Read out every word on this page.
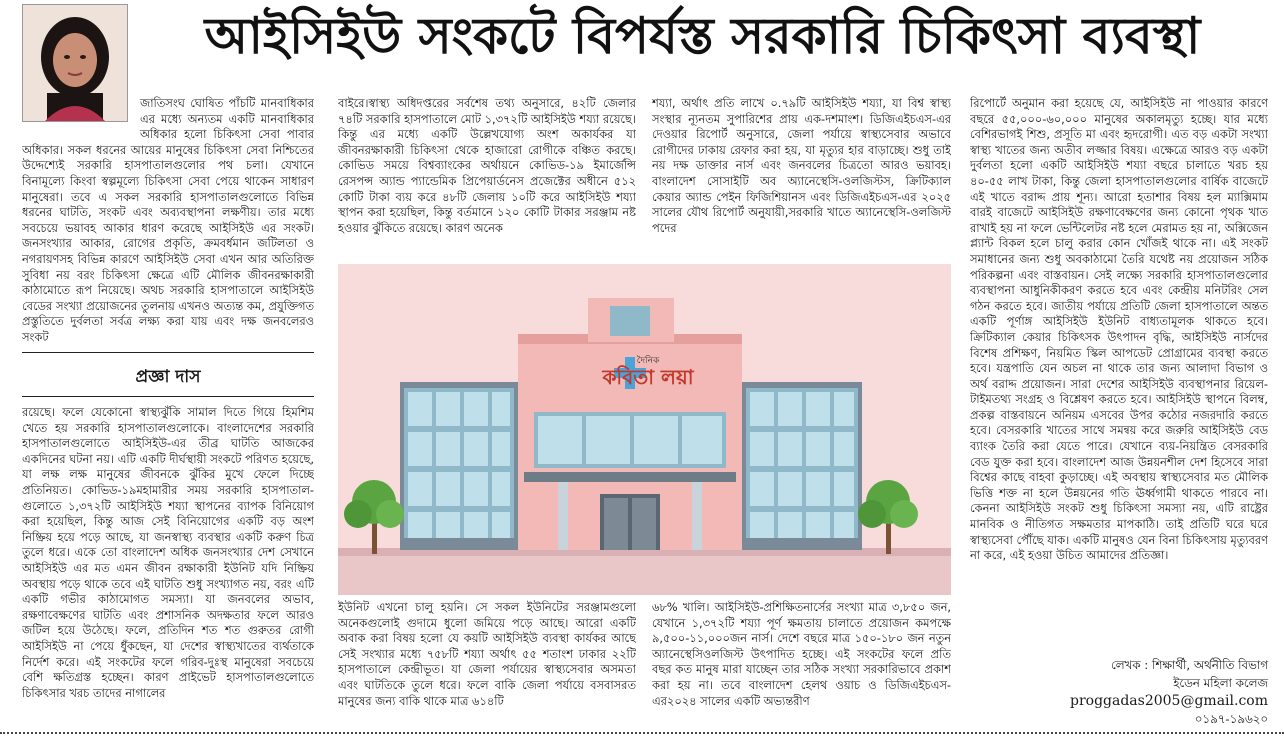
আইসিইউ সংকটে বিপর্যস্ত সরকারি চিকিৎসা ব্যবস্থা

জাতিসংঘ ঘোষিত পাঁচটি মানবাধিকার এর মধ্যে অন্যতম একটি মানবাধিকার অধিকার হলো চিকিৎসা সেবা পাবার অধিকার। সকল ধরনের আয়ের মানুষের চিকিৎসা সেবা নিশ্চিতের উদ্দেশ্যেই সরকারি হাসপাতালগুলোর পথ চলা। যেখানে বিনামূল্যে কিংবা স্বল্পমূল্যে চিকিৎসা সেবা পেয়ে থাকেন সাধারণ মানুষেরা। তবে এ সকল সরকারি হাসপাতালগুলোতে বিভিন্ন ধরনের ঘাটতি, সংকট এবং অব্যবস্থাপনা লক্ষণীয়। তার মধ্যে সবচেয়ে ভয়াবহ আকার ধারণ করেছে আইসিইউ এর সংকট। জনসংখ্যার আকার, রোগের প্রকৃতি, ক্রমবর্ধমান জটিলতা ও নগরায়ণসহ বিভিন্ন কারণে আইসিইউ সেবা এখন আর অতিরিক্ত সুবিধা নয় বরং চিকিৎসা ক্ষেত্রে এটি মৌলিক জীবনরক্ষাকারী কাঠামোতে রূপ নিয়েছে। অথচ সরকারি হাসপাতালে আইসিইউ বেডের সংখ্যা প্রয়োজনের তুলনায় এখনও অত্যন্ত কম, প্রযুক্তিগত প্রস্তুতিতে দুর্বলতা সর্বত্র লক্ষ্য করা যায় এবং দক্ষ জনবলেরও সংকট

প্রজ্ঞা দাস

রয়েছে। ফলে যেকোনো স্বাস্থ্যঝুঁকি সামাল দিতে গিয়ে হিমশিম খেতে হয় সরকারি হাসপাতালগুলোকে। বাংলাদেশের সরকারি হাসপাতালগুলোতে আইসিইউ-এর তীব্র ঘাটতি আজকের একদিনের ঘটনা নয়। এটি একটি দীর্ঘস্থায়ী সংকটে পরিণত হয়েছে, যা লক্ষ লক্ষ মানুষের জীবনকে ঝুঁকির মুখে ফেলে দিচ্ছে প্রতিনিয়ত। কোভিড-১৯মহামারীর সময় সরকারি হাসপাতাল-গুলোতে ১,৩৭২টি আইসিইউ শয্যা স্থাপনের ব্যাপক বিনিয়োগ করা হয়েছিল, কিন্তু আজ সেই বিনিয়োগের একটি বড় অংশ নিষ্ক্রিয় হয়ে পড়ে আছে, যা জনস্বাস্থ্য ব্যবস্থার একটি করুণ চিত্র তুলে ধরে। একে তো বাংলাদেশ অধিক জনসংখ্যার দেশ সেখানে আইসিইউ এর মত এমন জীবন রক্ষাকারী ইউনিট যদি নিষ্ক্রিয় অবস্থায় পড়ে থাকে তবে এই ঘাটতি শুধু সংখ্যাগত নয়, বরং এটি একটি গভীর কাঠামোগত সমস্যা। যা জনবলের অভাব, রক্ষণাবেক্ষণের ঘাটতি এবং প্রশাসনিক অদক্ষতার ফলে আরও জটিল হয়ে উঠেছে। ফলে, প্রতিদিন শত শত গুরুতর রোগী আইসিইউ না পেয়ে ধুঁকছেন, যা দেশের স্বাস্থ্যখাতের ব্যর্থতাকে নির্দেশ করে। এই সংকটের ফলে গরিব-দুঃস্থ মানুষেরা সবচেয়ে বেশি ক্ষতিগ্রস্ত হচ্ছেন। কারণ প্রাইভেট হাসপাতালগুলোতে চিকিৎসার খরচ তাদের নাগালের

বাইরে।স্বাস্থ্য অধিদপ্তরের সর্বশেষ তথ্য অনুসারে, ৪২টি জেলার ৭৪টি সরকারি হাসপাতালে মোট ১,৩৭২টি আইসিইউ শয্যা রয়েছে। কিন্তু এর মধ্যে একটি উল্লেখযোগ্য অংশ অকার্যকর যা জীবনরক্ষাকারী চিকিৎসা থেকে হাজারো রোগীকে বঞ্চিত করছে। কোভিড সময়ে বিশ্বব্যাংকের অর্থায়নে কোভিড-১৯ ইমার্জেন্সি রেসপন্স অ্যান্ড প্যান্ডেমিক প্রিপেয়ার্ডনেস প্রজেক্টের অধীনে ৫১২ কোটি টাকা ব্যয় করে ৪৮টি জেলায় ১০টি করে আইসিইউ শয্যা স্থাপন করা হয়েছিল, কিন্তু বর্তমানে ১২০ কোটি টাকার সরঞ্জাম নষ্ট হওয়ার ঝুঁকিতে রয়েছে। কারণ অনেক

শয্যা, অর্থাৎ প্রতি লাখে ০.৭৯টি আইসিইউ শয্যা, যা বিশ্ব স্বাস্থ্য সংস্থার ন্যূনতম সুপারিশের প্রায় এক-দশমাংশ। ডিজিএইচএস-এর দেওয়ার রিপোর্ট অনুসারে, জেলা পর্যায়ে স্বাস্থ্যসেবার অভাবে রোগীদের ঢাকায় রেফার করা হয়, যা মৃত্যুর হার বাড়াচ্ছে। শুধু তাই নয় দক্ষ ডাক্তার নার্স এবং জনবলের চিত্রতো আরও ভয়াবহ। বাংলাদেশ সোসাইটি অব অ্যানেস্থেসি-ওলজিস্টস, ক্রিটিক্যাল কেয়ার অ্যান্ড পেইন ফিজিশিয়ানস এবং ডিজিএইচএস-এর ২০২৫ সালের যৌথ রিপোর্ট অনুযায়ী,সরকারি খাতে অ্যানেস্থেসি-ওলজিস্ট পদের

দৈনিক
কবিতা লয়া

ইউনিট এখনো চালু হয়নি। সে সকল ইউনিটের সরঞ্জামগুলো অনেকগুলোই গুদামে ধুলো জমিয়ে পড়ে আছে। আরো একটি অবাক করা বিষয় হলো যে কয়টি আইসিইউ ব্যবস্থা কার্যকর আছে সেই সংখ্যার মধ্যে ৭৫৮টি শয্যা অর্থাৎ ৫৫ শতাংশ ঢাকার ২২টি হাসপাতালে কেন্দ্রীভূত। যা জেলা পর্যায়ের স্বাস্থ্যসেবার অসমতা এবং ঘাটতিকে তুলে ধরে। ফলে বাকি জেলা পর্যায়ে বসবাসরত মানুষের জন্য বাকি থাকে মাত্র ৬১৪টি

৬৮% খালি। আইসিইউ-প্রশিক্ষিতনার্সের সংখ্যা মাত্র ৩,৮৫০ জন, যেখানে ১,৩৭২টি শয্যা পূর্ণ ক্ষমতায় চালাতে প্রয়োজন কমপক্ষে ৯,৫০০-১১,০০০জন নার্স। দেশে বছরে মাত্র ১৫০-১৮০ জন নতুন অ্যানেস্থেসিওলজিস্ট উৎপাদিত হচ্ছে। এই সংকটের ফলে প্রতি বছর কত মানুষ মারা যাচ্ছেন তার সঠিক সংখ্যা সরকারিভাবে প্রকাশ করা হয় না। তবে বাংলাদেশ হেলথ ওয়াচ ও ডিজিএইচএস-এর২০২৪ সালের একটি অভ্যন্তরীণ

রিপোর্টে অনুমান করা হয়েছে যে, আইসিইউ না পাওয়ার কারণে বছরে ৫৫,০০০-৬০,০০০ মানুষের অকালমৃত্যু হচ্ছে। যার মধ্যে বেশিরভাগই শিশু, প্রসূতি মা এবং হৃদরোগী। এত বড় একটা সংখ্যা স্বাস্থ্য খাতের জন্য অতীব লজ্জার বিষয়। এক্ষেত্রে আরও বড় একটা দুর্বলতা হলো একটি আইসিইউ শয্যা বছরে চালাতে খরচ হয় ৪০-৫৫ লাখ টাকা, কিন্তু জেলা হাসপাতালগুলোর বার্ষিক বাজেটে এই খাতে বরাদ্দ প্রায় শূন্য। আরো হতাশার বিষয় হল ম্যাক্সিমাম বারই বাজেটে আইসিইউ রক্ষণাবেক্ষণের জন্য কোনো পৃথক খাত রাখাই হয় না ফলে ভেন্টিলেটর নষ্ট হলে মেরামত হয় না, অক্সিজেন প্ল্যান্ট বিকল হলে চালু করার কোন খোঁজই থাকে না। এই সংকট সমাধানের জন্য শুধু অবকাঠামো তৈরি যথেষ্ট নয় প্রয়োজন সঠিক পরিকল্পনা এবং বাস্তবায়ন। সেই লক্ষ্যে সরকারি হাসপাতালগুলোর ব্যবস্থাপনা আধুনিকীকরণ করতে হবে এবং কেন্দ্রীয় মনিটরিং সেল গঠন করতে হবে। জাতীয় পর্যায়ে প্রতিটি জেলা হাসপাতালে অন্তত একটি পূর্ণাঙ্গ আইসিইউ ইউনিট বাধ্যতামূলক থাকতে হবে। ক্রিটিক্যাল কেয়ার চিকিৎসক উৎপাদন বৃদ্ধি, আইসিইউ নার্সদের বিশেষ প্রশিক্ষণ, নিয়মিত স্কিল আপডেট প্রোগ্রামের ব্যবস্থা করতে হবে। যন্ত্রপাতি যেন অচল না থাকে তার জন্য আলাদা বিভাগ ও অর্থ বরাদ্দ প্রয়োজন। সারা দেশের আইসিইউ ব্যবস্থাপনার রিয়েল-টাইমতথ্য সংগ্রহ ও বিশ্লেষণ করতে হবে। আইসিইউ স্থাপনে বিলম্ব, প্রকল্প বাস্তবায়নে অনিয়ম এসবের উপর কঠোর নজরদারি করতে হবে। বেসরকারি খাতের সাথে সমন্বয় করে জরুরি আইসিইউ বেড ব্যাংক তৈরি করা যেতে পারে। যেখানে ব্যয়-নিয়ন্ত্রিত বেসরকারি বেড যুক্ত করা হবে। বাংলাদেশ আজ উন্নয়নশীল দেশ হিসেবে সারা বিশ্বের কাছে বাহবা কুড়াচ্ছে। এই অবস্থায় স্বাস্থ্যসেবার মত মৌলিক ভিত্তি শক্ত না হলে উন্নয়নের গতি ঊর্ধ্বগামী থাকতে পারবে না। কেননা আইসিইউ সংকট শুধু চিকিৎসা সমস্যা নয়, এটি রাষ্ট্রের মানবিক ও নীতিগত সক্ষমতার মাপকাঠি। তাই প্রতিটি ঘরে ঘরে স্বাস্থ্যসেবা পৌঁছে যাক। একটি মানুষও যেন বিনা চিকিৎসায় মৃত্যুবরণ না করে, এই হওয়া উচিত আমাদের প্রতিজ্ঞা।

লেখক : শিক্ষার্থী, অর্থনীতি বিভাগ
ইডেন মহিলা কলেজ
proggadas2005@gmail.com
০১৯৭-১৯৬২০
